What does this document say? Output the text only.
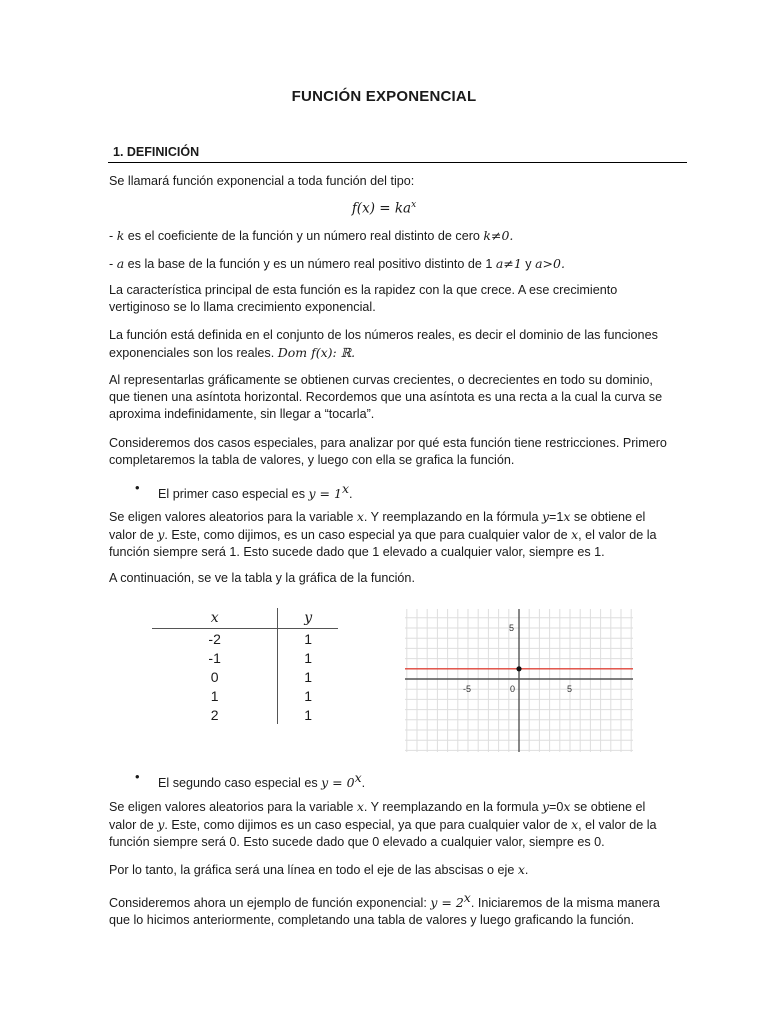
FUNCIÓN EXPONENCIAL
1. DEFINICIÓN

Se llamará función exponencial a toda función del tipo:

$f(x) = ka^x$

- k es el coeficiente de la función y un número real distinto de cero k≠0.

- a es la base de la función y es un número real positivo distinto de 1 a≠1 y a>0.

La característica principal de esta función es la rapidez con la que crece. A ese crecimiento
vertiginoso se lo llama crecimiento exponencial.

La función está definida en el conjunto de los números reales, es decir el dominio de las funciones
exponenciales son los reales. Dom f(x): ℝ.

Al representarlas gráficamente se obtienen curvas crecientes, o decrecientes en todo su dominio,
que tienen una asíntota horizontal. Recordemos que una asíntota es una recta a la cual la curva se
aproxima indefinidamente, sin llegar a “tocarla”.

Consideremos dos casos especiales, para analizar por qué esta función tiene restricciones. Primero
completaremos la tabla de valores, y luego con ella se grafica la función.

• El primer caso especial es $y = 1^x$.

Se eligen valores aleatorios para la variable x. Y reemplazando en la fórmula y=1x se obtiene el
valor de y. Este, como dijimos, es un caso especial ya que para cualquier valor de x, el valor de la
función siempre será 1. Esto sucede dado que 1 elevado a cualquier valor, siempre es 1.

A continuación, se ve la tabla y la gráfica de la función.

x	y
-2	1
-1	1
0	1
1	1
2	1
-5	0	5
5
• El segundo caso especial es $y = 0^x$.

Se eligen valores aleatorios para la variable x. Y reemplazando en la formula y=0x se obtiene el
valor de y. Este, como dijimos es un caso especial, ya que para cualquier valor de x, el valor de la
función siempre será 0. Esto sucede dado que 0 elevado a cualquier valor, siempre es 0.

Por lo tanto, la gráfica será una línea en todo el eje de las abscisas o eje x.

Consideremos ahora un ejemplo de función exponencial: $y = 2^x$. Iniciaremos de la misma manera
que lo hicimos anteriormente, completando una tabla de valores y luego graficando la función.
